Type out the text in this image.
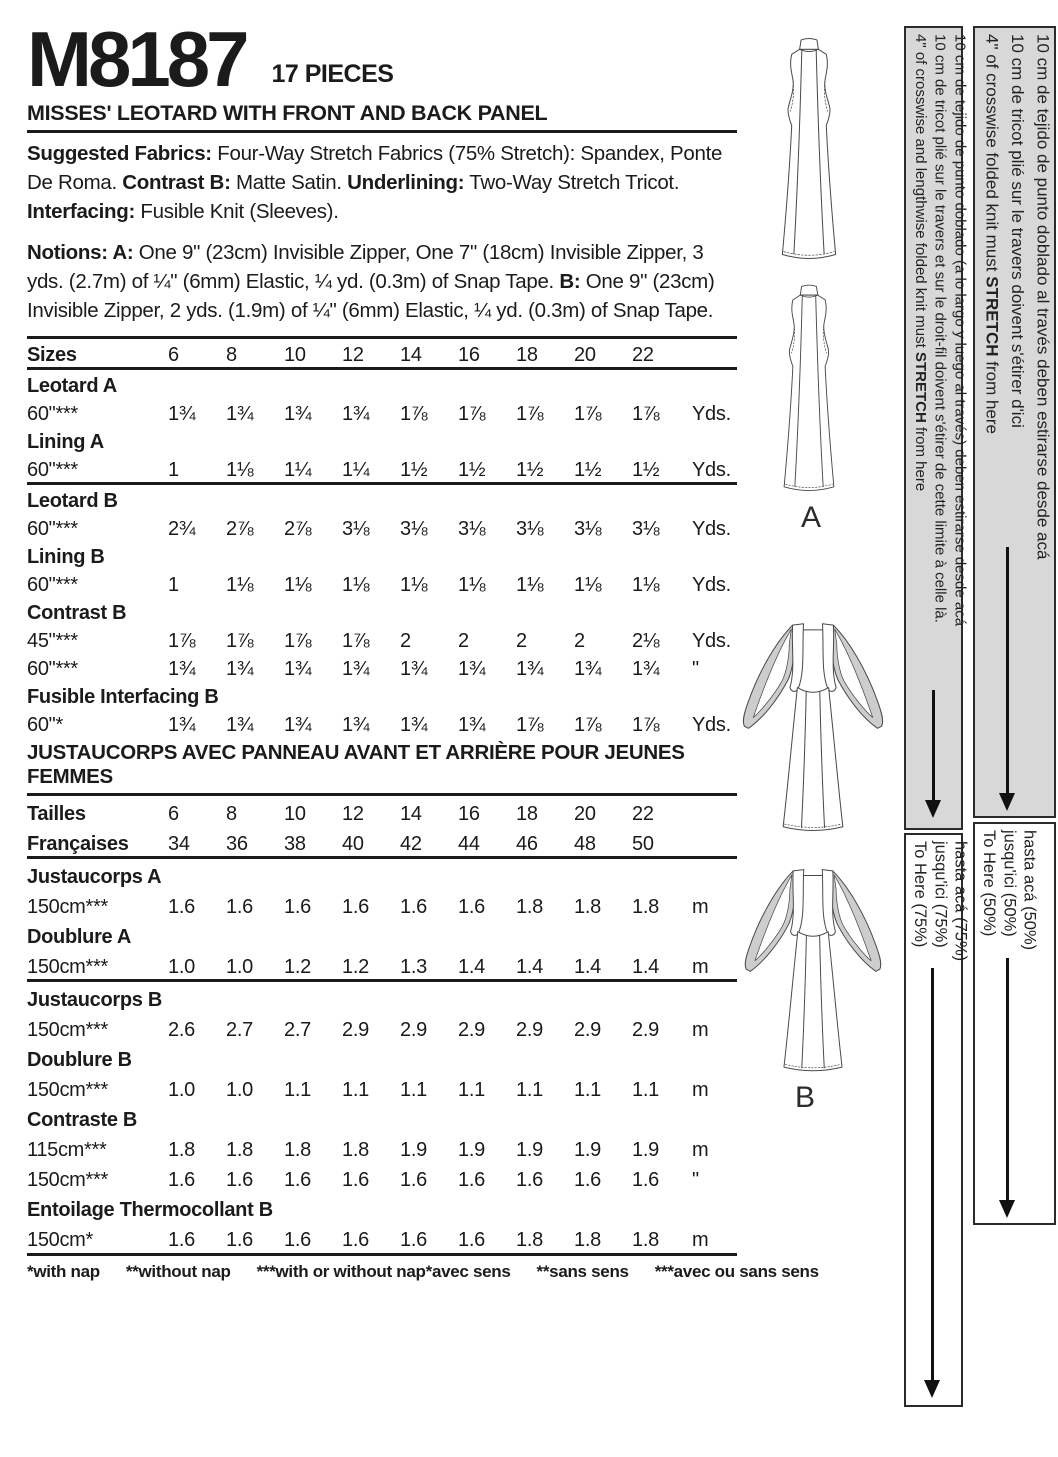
M8187 17 PIECES
MISSES' LEOTARD WITH FRONT AND BACK PANEL
Suggested Fabrics: Four-Way Stretch Fabrics (75% Stretch): Spandex, Ponte De Roma. Contrast B: Matte Satin. Underlining: Two-Way Stretch Tricot. Interfacing: Fusible Knit (Sleeves).
Notions: A: One 9" (23cm) Invisible Zipper, One 7" (18cm) Invisible Zipper, 3 yds. (2.7m) of ¼" (6mm) Elastic, ¼ yd. (0.3m) of Snap Tape. B: One 9" (23cm) Invisible Zipper, 2 yds. (1.9m) of ¼" (6mm) Elastic, ¼ yd. (0.3m) of Snap Tape.
Sizes	6	8	10	12	14	16	18	20	22
Leotard A
60"***	1¾	1¾	1¾	1¾	1⅞	1⅞	1⅞	1⅞	1⅞	Yds.
Lining A
60"***	1	1⅛	1¼	1¼	1½	1½	1½	1½	1½	Yds.
Leotard B
60"***	2¾	2⅞	2⅞	3⅛	3⅛	3⅛	3⅛	3⅛	3⅛	Yds.
Lining B
60"***	1	1⅛	1⅛	1⅛	1⅛	1⅛	1⅛	1⅛	1⅛	Yds.
Contrast B
45"***	1⅞	1⅞	1⅞	1⅞	2	2	2	2	2⅛	Yds.
60"***	1¾	1¾	1¾	1¾	1¾	1¾	1¾	1¾	1¾	"
Fusible Interfacing B
60"*	1¾	1¾	1¾	1¾	1¾	1¾	1⅞	1⅞	1⅞	Yds.
JUSTAUCORPS AVEC PANNEAU AVANT ET ARRIÈRE POUR JEUNES FEMMES
Tailles	6	8	10	12	14	16	18	20	22
Françaises	34	36	38	40	42	44	46	48	50
Justaucorps A
150cm***	1.6	1.6	1.6	1.6	1.6	1.6	1.8	1.8	1.8	m
Doublure A
150cm***	1.0	1.0	1.2	1.2	1.3	1.4	1.4	1.4	1.4	m
Justaucorps B
150cm***	2.6	2.7	2.7	2.9	2.9	2.9	2.9	2.9	2.9	m
Doublure B
150cm***	1.0	1.0	1.1	1.1	1.1	1.1	1.1	1.1	1.1	m
Contraste B
115cm***	1.8	1.8	1.8	1.8	1.9	1.9	1.9	1.9	1.9	m
150cm***	1.6	1.6	1.6	1.6	1.6	1.6	1.6	1.6	1.6	"
Entoilage Thermocollant B
150cm*	1.6	1.6	1.6	1.6	1.6	1.6	1.8	1.8	1.8	m
*with nap **without nap ***with or without nap *avec sens **sans sens ***avec ou sans sens
A
B
4" of crosswise and lengthwise folded knit must STRETCH from here 10 cm de tricot plié sur le travers et sur le droit-fil doivent s'étirer de cette limite à celle là. 10 cm de tejido de punto doblado (a lo largo y luego al través) deben estirarse desde acá
To Here (75%) jusqu'ici (75%) hasta acá (75%)
4" of crosswise folded knit must STRETCH from here 10 cm de tricot plié sur le travers doivent s'étirer d'ici 10 cm de tejido de punto doblado al través deben estirarse desde acá
To Here (50%) jusqu'ici (50%) hasta acá (50%)
